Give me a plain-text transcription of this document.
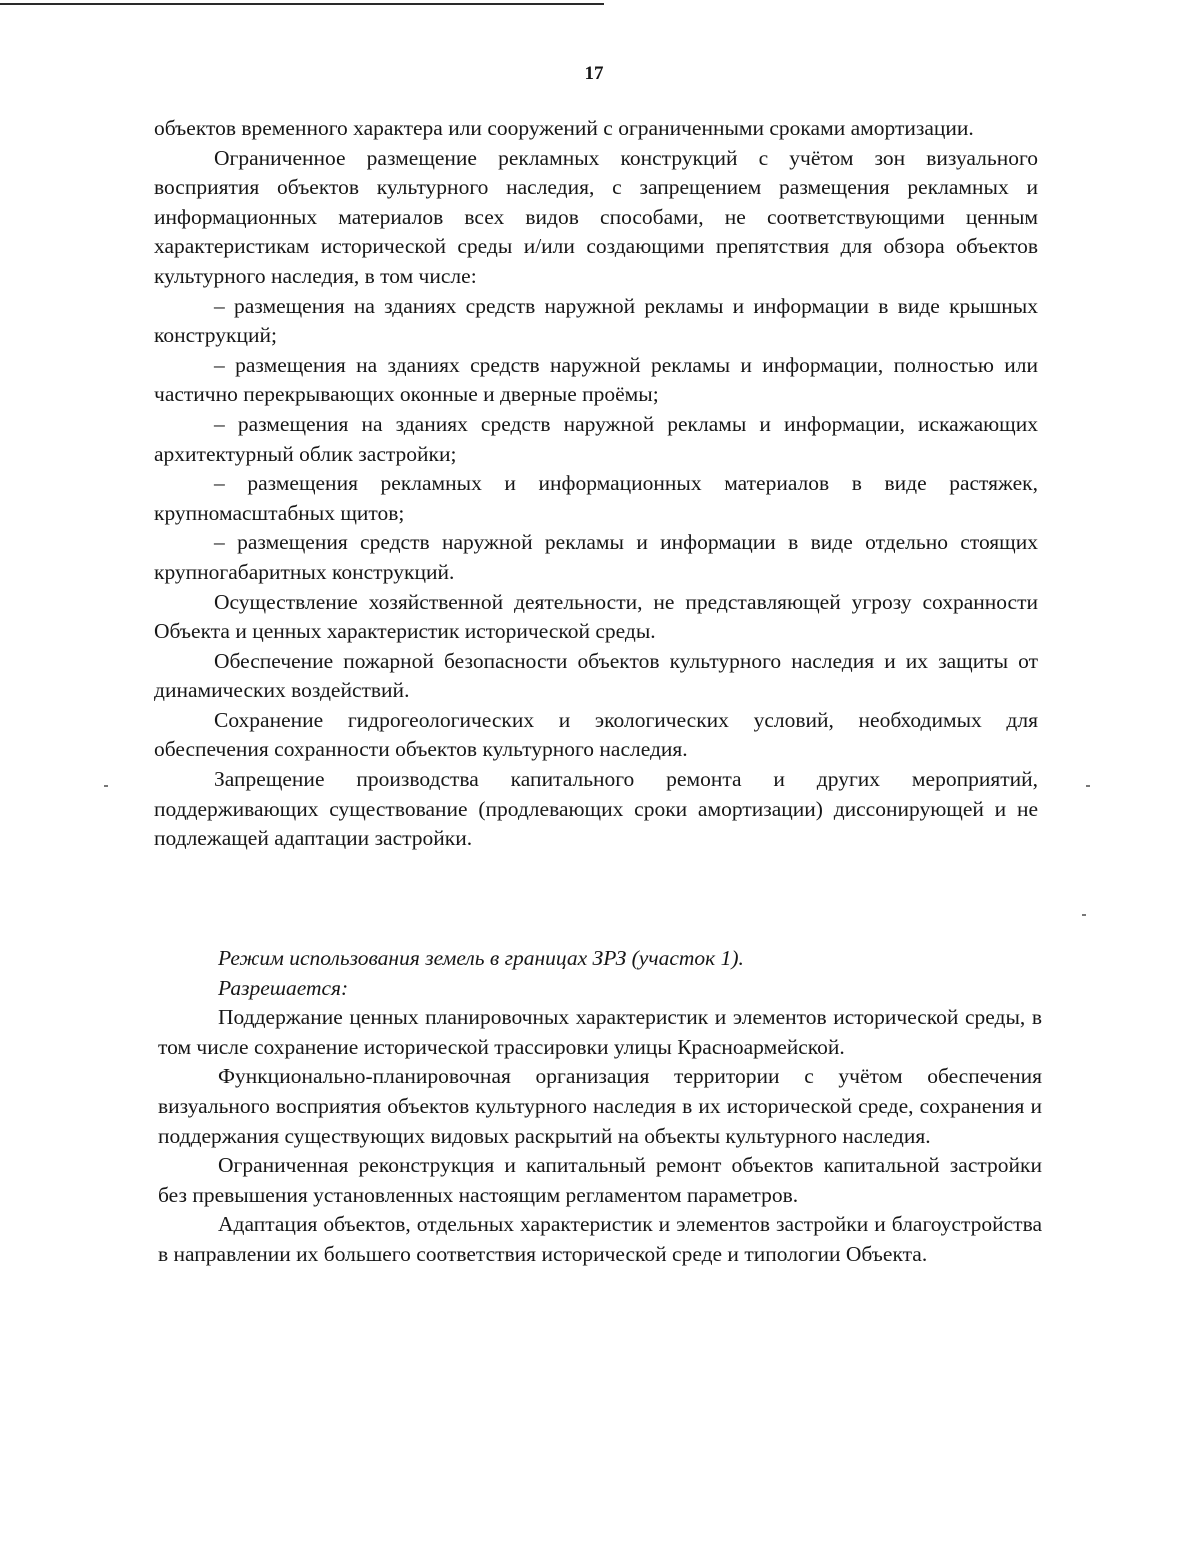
17

объектов временного характера или сооружений с ограниченными сроками амортизации.

Ограниченное размещение рекламных конструкций с учётом зон визуального восприятия объектов культурного наследия, с запрещением размещения рекламных и информационных материалов всех видов способами, не соответствующими ценным характеристикам исторической среды и/или создающими препятствия для обзора объектов культурного наследия, в том числе:

– размещения на зданиях средств наружной рекламы и информации в виде крышных конструкций;

– размещения на зданиях средств наружной рекламы и информации, полностью или частично перекрывающих оконные и дверные проёмы;

– размещения на зданиях средств наружной рекламы и информации, искажающих архитектурный облик застройки;

– размещения рекламных и информационных материалов в виде растяжек, крупномасштабных щитов;

– размещения средств наружной рекламы и информации в виде отдельно стоящих крупногабаритных конструкций.

Осуществление хозяйственной деятельности, не представляющей угрозу сохранности Объекта и ценных характеристик исторической среды.

Обеспечение пожарной безопасности объектов культурного наследия и их защиты от динамических воздействий.

Сохранение гидрогеологических и экологических условий, необходимых для обеспечения сохранности объектов культурного наследия.

Запрещение производства капитального ремонта и других мероприятий, поддерживающих существование (продлевающих сроки амортизации) диссонирующей и не подлежащей адаптации застройки.

Режим использования земель в границах ЗРЗ (участок 1).

Разрешается:

Поддержание ценных планировочных характеристик и элементов исторической среды, в том числе сохранение исторической трассировки улицы Красноармейской.

Функционально-планировочная организация территории с учётом обеспечения визуального восприятия объектов культурного наследия в их исторической среде, сохранения и поддержания существующих видовых раскрытий на объекты культурного наследия.

Ограниченная реконструкция и капитальный ремонт объектов капитальной застройки без превышения установленных настоящим регламентом параметров.

Адаптация объектов, отдельных характеристик и элементов застройки и благоустройства в направлении их большего соответствия исторической среде и типологии Объекта.
